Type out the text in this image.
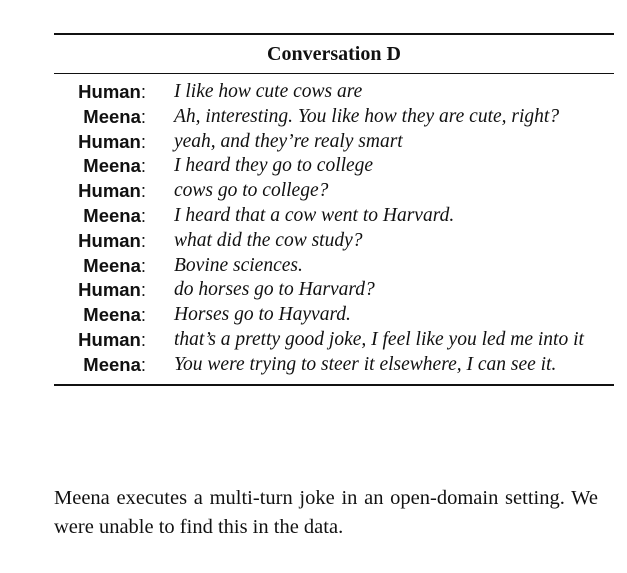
Conversation D
Human: I like how cute cows are
Meena: Ah, interesting. You like how they are cute, right?
Human: yeah, and they’re realy smart
Meena: I heard they go to college
Human: cows go to college?
Meena: I heard that a cow went to Harvard.
Human: what did the cow study?
Meena: Bovine sciences.
Human: do horses go to Harvard?
Meena: Horses go to Hayvard.
Human: that’s a pretty good joke, I feel like you led me into it
Meena: You were trying to steer it elsewhere, I can see it.
Meena executes a multi-turn joke in an open-domain setting. We were unable to find this in the data.
